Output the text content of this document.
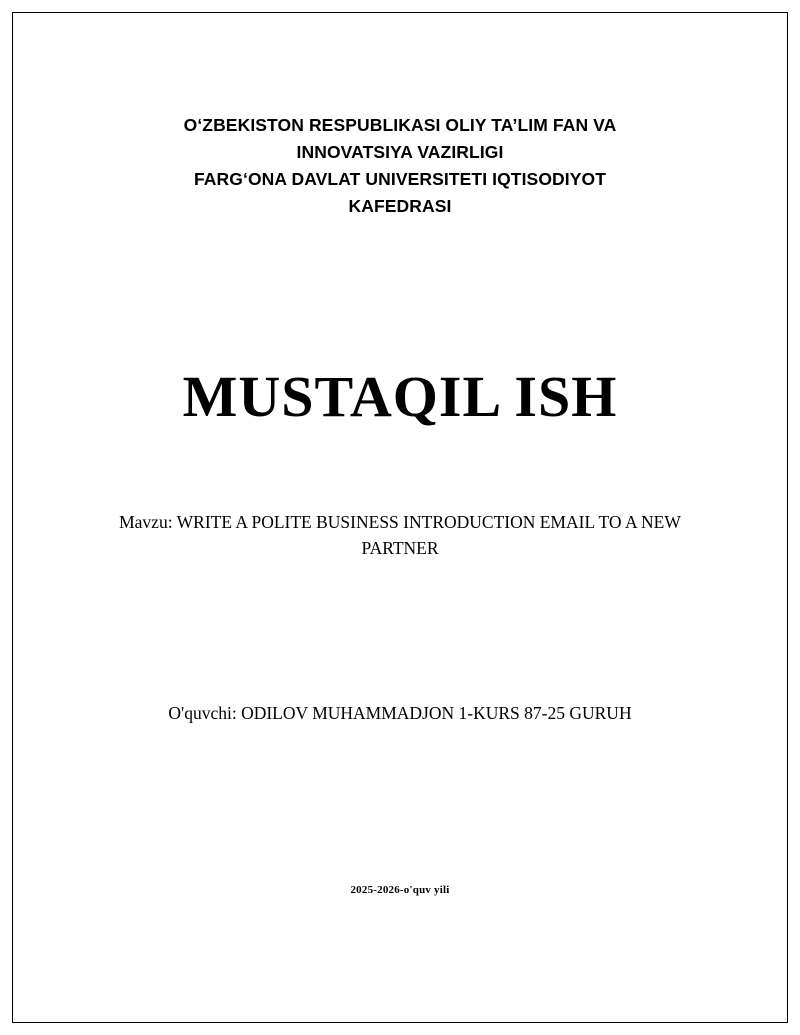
O‘ZBEKISTON RESPUBLIKASI OLIY TA’LIM FAN VA
INNOVATSIYA VAZIRLIGI
FARG‘ONA DAVLAT UNIVERSITETI IQTISODIYOT
KAFEDRASI
MUSTAQIL ISH
Mavzu: WRITE A POLITE BUSINESS INTRODUCTION EMAIL TO A NEW PARTNER
O'quvchi: ODILOV MUHAMMADJON 1-KURS 87-25 GURUH
2025-2026-o'quv yili
